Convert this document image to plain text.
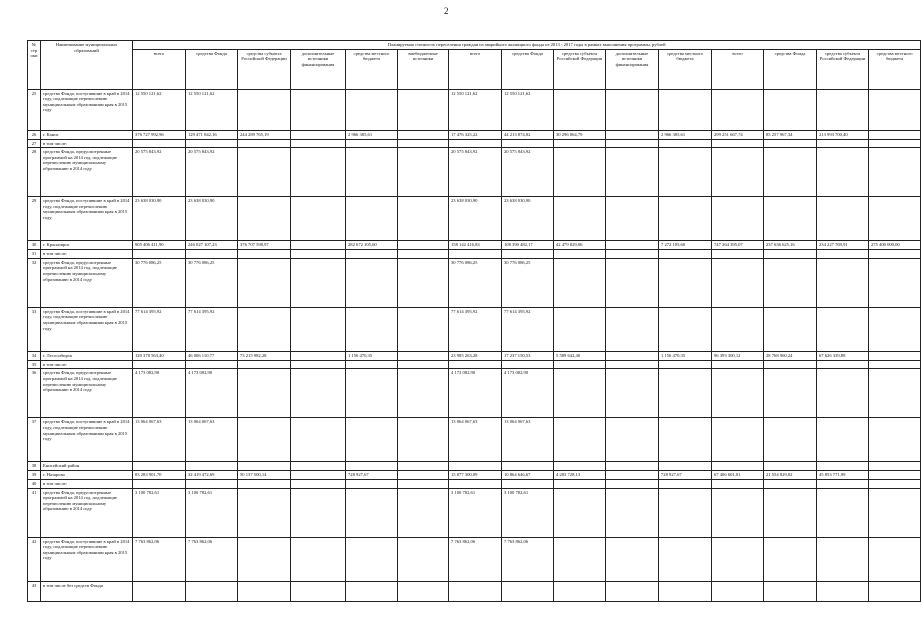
2
№ строки	Наименование муниципальных образований	Планируемая стоимость переселения граждан из аварийного жилищного фонда из 2013 - 2017 годы в рамках выполнения программы, рублей														
		всего	средства Фонда	средства субъекта Российской Федерации	дополнительные источники финансирования	средства местного бюджета	внебюджетные источники	всего	средства Фонда	средства субъекта Российской Федерации	дополнительные источники финансирования	средства местного бюджета	всего	средства Фонда	средства субъекта Российской Федерации	средства местного бюджета
25	средства Фонда, поступившие в край в 2014 году, подлежащие перечислению муниципальным образованиям края в 2015 году	12 550 121,62	12 550 121,62					12 550 121,62	12 550 121,62							
26	г. Канск	376 727 992,96	129 471 842,16	244 289 765,19		2 966 385,61		17 476 325,22	44 213 874,82	30 296 064,79		2 966 385,61	299 251 667,74	85 257 967,34	213 993 700,40	
27	в том числе:															
28	средства Фонда, предусмотренные программой на 2014 год, подлежащие перечислению муниципальному образованию в 2014 году	20 575 843,92	20 575 843,92					20 575 843,92	20 575 843,92							
29	средства Фонда, поступившие в край в 2014 году, подлежащие перечислению муниципальным образованиям края в 2015 году	23 638 030,90	23 638 030,90					23 638 030,90	23 638 030,90							
30	г. Красноярск	905 406 411,90	246 027 107,23	376 707 598,97		282 672 105,60		158 142 416,83	108 390 482,17	42 479 829,06		7 272 105,60	747 264 395,07	237 636 625,16	234 227 769,91	275 400 000,00
31	в том числе:															
32	средства Фонда, предусмотренные программой на 2014 год, подлежащие перечислению муниципальному образованию в 2014 году	30 776 086,25	30 776 086,25					30 776 086,25	30 776 086,25							
33	средства Фонда, поступившие в край в 2014 году, подлежащие перечислению муниципальным образованиям края в 2015 году	77 614 395,92	77 614 395,92					77 614 395,92	77 614 395,92							
34	г. Лесосибирск	120 378 563,40	46 006 110,77	73 215 982,28		1 156 470,35		23 985 263,28	17 237 150,53	5 589 642,40		1 156 470,35	96 393 300,12	28 768 960,24	67 626 339,88	
35	в том числе:															
36	средства Фонда, предусмотренные программой на 2014 год, подлежащие перечислению муниципальному образованию в 2014 году	4 173 082,90	4 173 082,90					4 173 082,90	4 173 082,90							
37	средства Фонда, поступившие в край в 2014 году, подлежащие перечислению муниципальным образованиям края в 2015 году	13 064 067,63	13 064 067,63					13 064 067,63	13 064 067,63							
38	Енисейский район															
39	г. Назарово	83 283 901,70	32 419 472,69	50 137 500,14		728 927,67		15 877 300,09	10 864 646,67	4 283 728,13		728 927,67	67 406 601,01	21 554 829,02	45 853 771,99	
40	в том числе:															
41	средства Фонда, предусмотренные программой на 2014 год, подлежащие перечислению муниципальному образованию в 2014 году	3 100 782,61	3 100 782,61					3 100 782,61	3 100 782,61							
42	средства Фонда, поступившие в край в 2014 году, подлежащие перечислению муниципальным образованиям края в 2015 году	7 763 862,06	7 763 862,06					7 763 862,06	7 763 862,06							
43	в том числе без средств Фонда															
